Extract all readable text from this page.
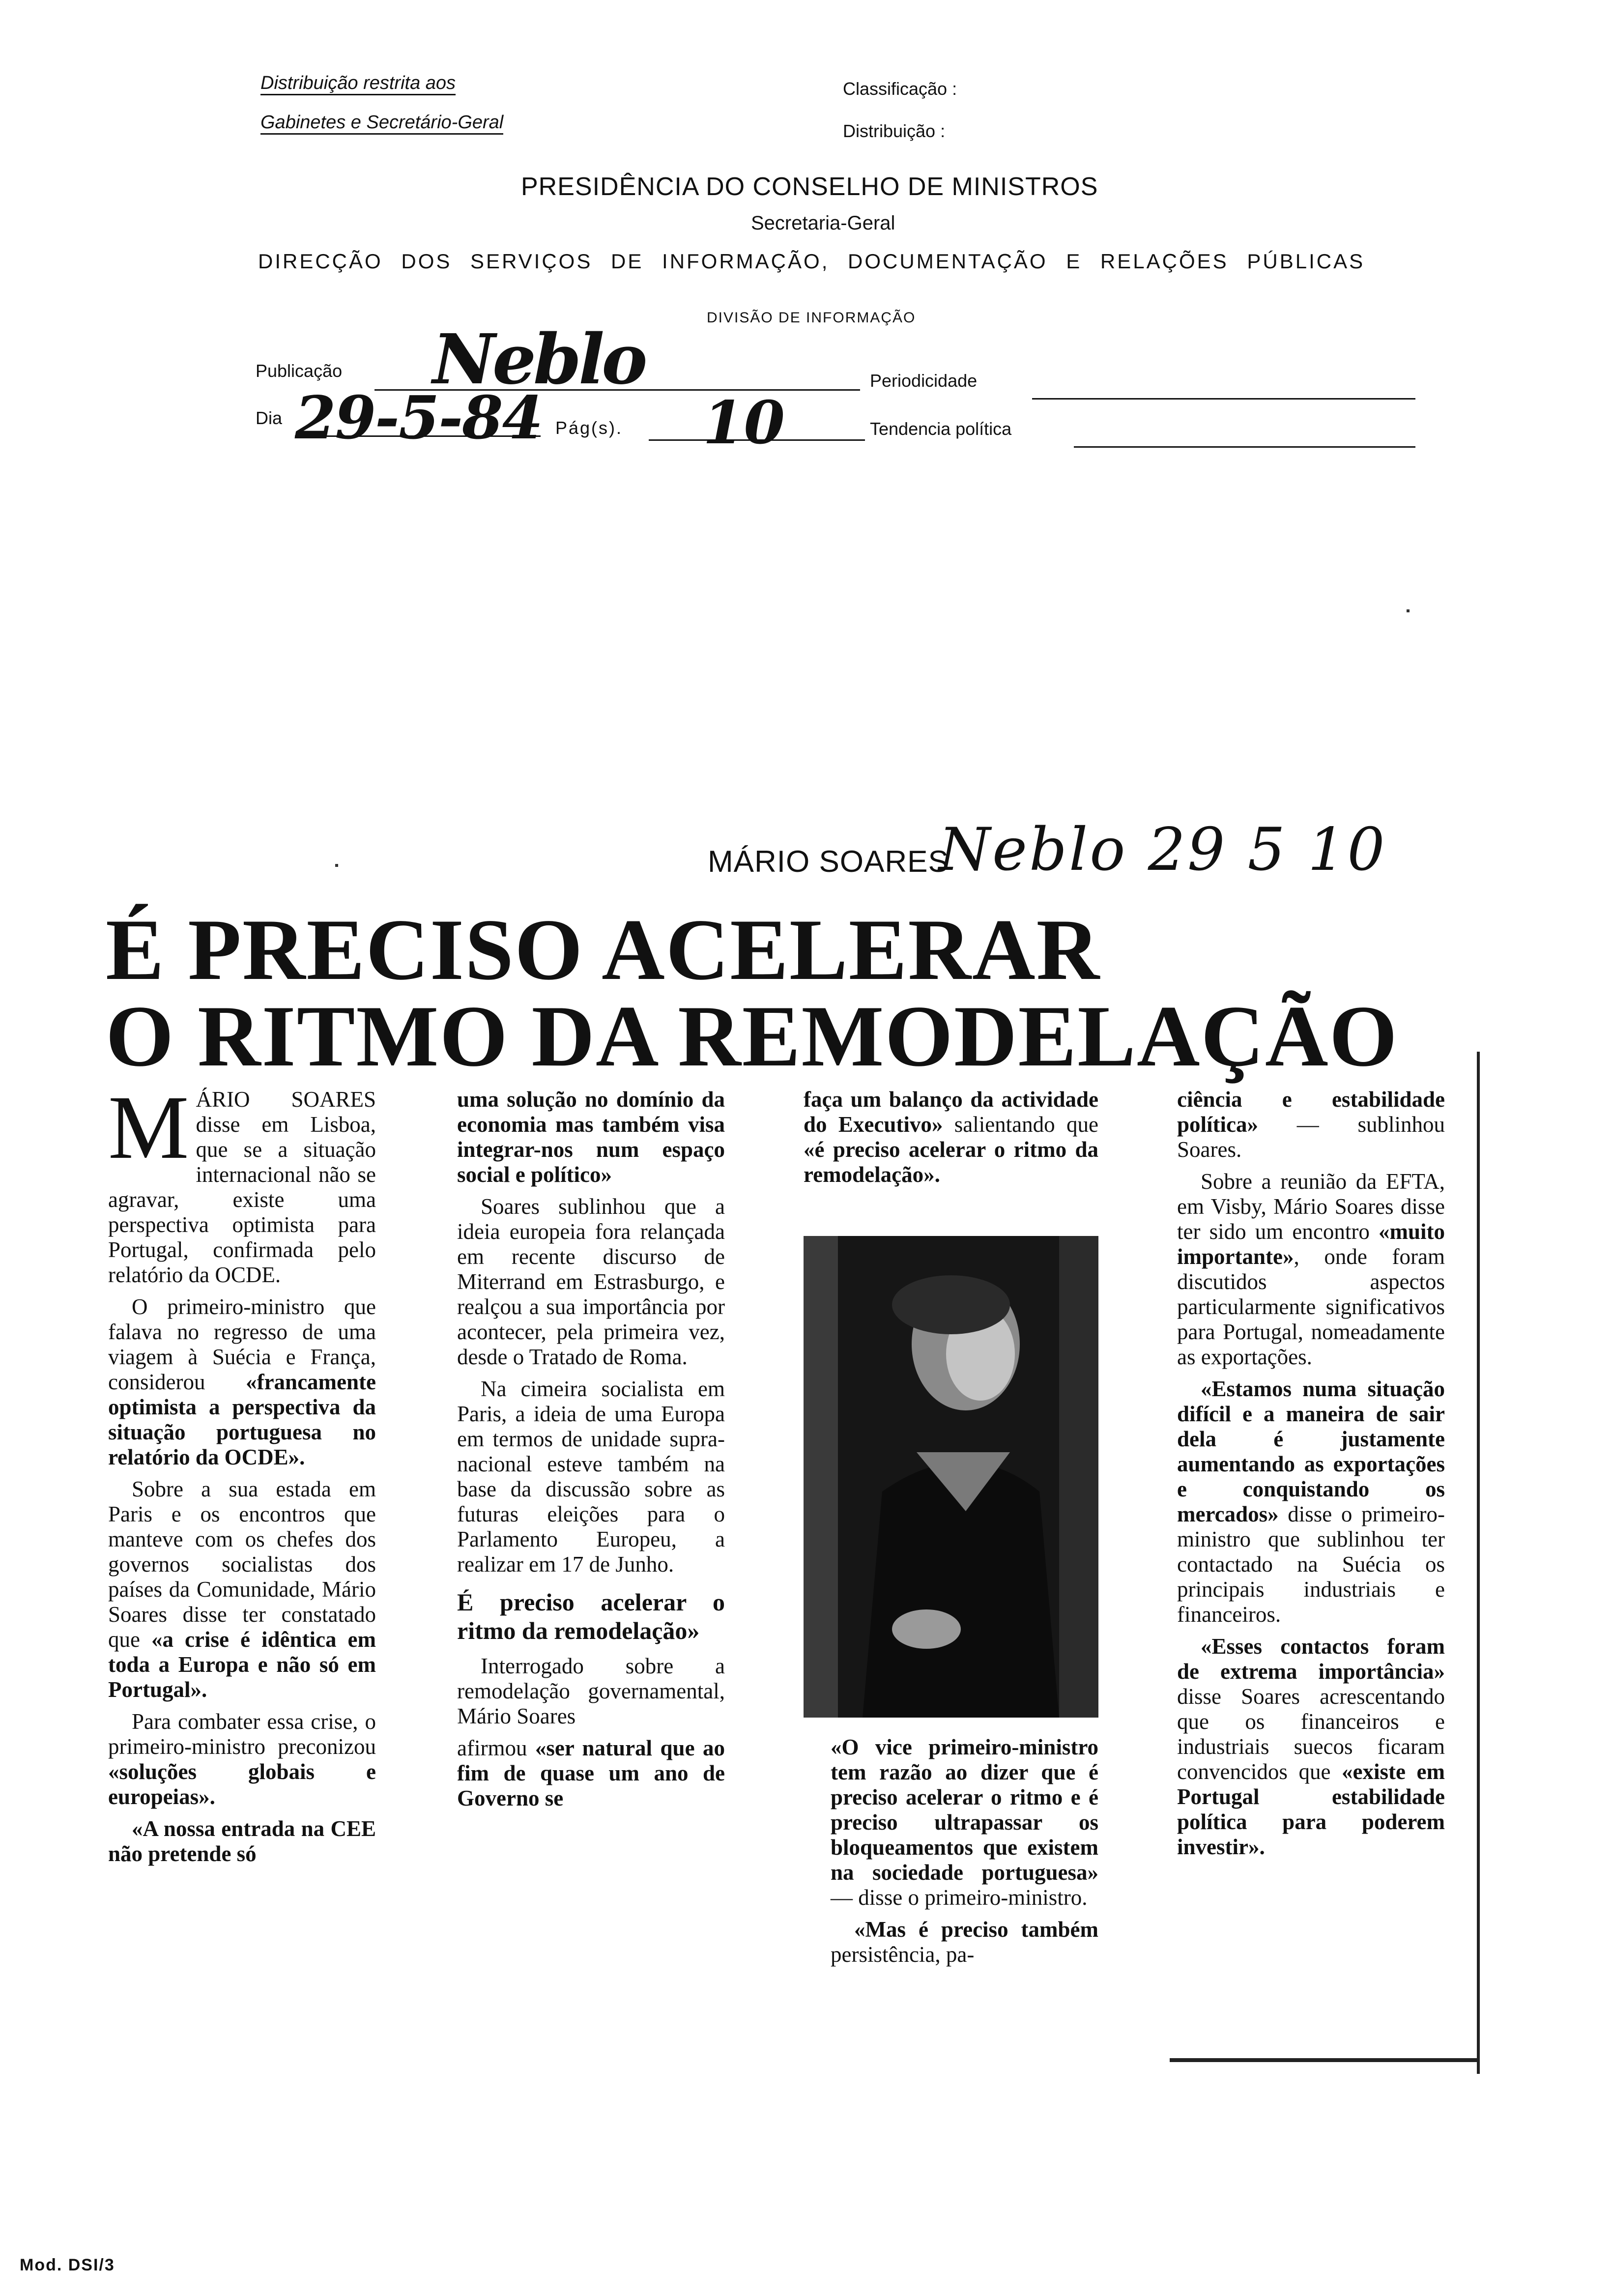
Distribuição restrita aos
Gabinetes e Secretário-Geral
Classificação :
Distribuição :
PRESIDÊNCIA DO CONSELHO DE MINISTROS
Secretaria-Geral
DIRECÇÃO DOS SERVIÇOS DE INFORMAÇÃO, DOCUMENTAÇÃO E RELAÇÕES PÚBLICAS
DIVISÃO DE INFORMAÇÃO
Publicação Neblo	Periodicidade
Dia 29-5-84 Pág(s). 10	Tendencia política
MÁRIO SOARES
Neblo 29 5 10
É PRECISO ACELERAR
O RITMO DA REMODELAÇÃO

M ÁRIO SOARES disse em Lisboa, que se a situação internacional não se agravar, existe uma perspectiva optimista para Portugal, confirmada pelo relatório da OCDE.

O primeiro-ministro que falava no regresso de uma viagem à Suécia e França, considerou «francamente optimista a perspectiva da situação portuguesa no relatório da OCDE».

Sobre a sua estada em Paris e os encontros que manteve com os chefes dos governos socialistas dos países da Comunidade, Mário Soares disse ter constatado que «a crise é idêntica em toda a Europa e não só em Portugal».

Para combater essa crise, o primeiro-ministro preconizou «soluções globais e europeias».

«A nossa entrada na CEE não pretende só

uma solução no domínio da economia mas também visa integrar-nos num espaço social e político»

Soares sublinhou que a ideia europeia fora relançada em recente discurso de Miterrand em Estrasburgo, e realçou a sua importância por acontecer, pela primeira vez, desde o Tratado de Roma.

Na cimeira socialista em Paris, a ideia de uma Europa em termos de unidade supra-nacional esteve também na base da discussão sobre as futuras eleições para o Parlamento Europeu, a realizar em 17 de Junho.

É preciso acelerar o ritmo da remodelação»

Interrogado sobre a remodelação governamental, Mário Soares

afirmou «ser natural que ao fim de quase um ano de Governo se

faça um balanço da actividade do Executivo» salientando que «é preciso acelerar o ritmo da remodelação».

«O vice primeiro-ministro tem razão ao dizer que é preciso acelerar o ritmo e é preciso ultrapassar os bloqueamentos que existem na sociedade portuguesa» — disse o primeiro-ministro.

«Mas é preciso também persistência, pa-

ciência e estabilidade política» — sublinhou Soares.

Sobre a reunião da EFTA, em Visby, Mário Soares disse ter sido um encontro «muito importante», onde foram discutidos aspectos particularmente significativos para Portugal, nomeadamente as exportações.

«Estamos numa situação difícil e a maneira de sair dela é justamente aumentando as exportações e conquistando os mercados» disse o primeiro-ministro que sublinhou ter contactado na Suécia os principais industriais e financeiros.

«Esses contactos foram de extrema importância» disse Soares acrescentando que os financeiros e industriais suecos ficaram convencidos que «existe em Portugal estabilidade política para poderem investir».

Mod. DSI/3
